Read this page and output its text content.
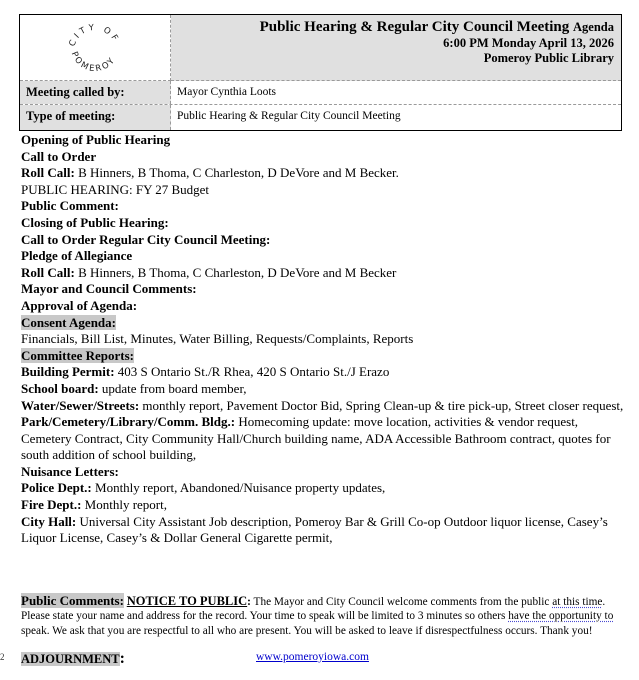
CITY OF
POMEROY
Public Hearing & Regular City Council Meeting Agenda
6:00 PM Monday April 13, 2026
Pomeroy Public Library
Meeting called by:	Mayor Cynthia Loots
Type of meeting:	Public Hearing & Regular City Council Meeting

Opening of Public Hearing

Call to Order

Roll Call: B Hinners, B Thoma, C Charleston, D DeVore and M Becker.

PUBLIC HEARING: FY 27 Budget

Public Comment:

Closing of Public Hearing:

Call to Order Regular City Council Meeting:

Pledge of Allegiance

Roll Call: B Hinners, B Thoma, C Charleston, D DeVore and M Becker

Mayor and Council Comments:

Approval of Agenda:

Consent Agenda:

Financials, Bill List, Minutes, Water Billing, Requests/Complaints, Reports

Committee Reports:

Building Permit: 403 S Ontario St./R Rhea, 420 S Ontario St./J Erazo

School board: update from board member,

Water/Sewer/Streets: monthly report, Pavement Doctor Bid, Spring Clean-up & tire pick-up, Street closer request,

Park/Cemetery/Library/Comm. Bldg.: Homecoming update: move location, activities & vendor request, Cemetery Contract, City Community Hall/Church building name, ADA Accessible Bathroom contract, quotes for south addition of school building,

Nuisance Letters:

Police Dept.: Monthly report, Abandoned/Nuisance property updates,

Fire Dept.: Monthly report,

City Hall: Universal City Assistant Job description, Pomeroy Bar & Grill Co-op Outdoor liquor license, Casey’s Liquor License, Casey’s & Dollar General Cigarette permit,

Public Comments: NOTICE TO PUBLIC: The Mayor and City Council welcome comments from the public at this time. Please state your name and address for the record. Your time to speak will be limited to 3 minutes so others have the opportunity to speak. We ask that you are respectful to all who are present. You will be asked to leave if disrespectfulness occurs. Thank you!
2 ADJOURNMENT:	www.pomeroyiowa.com
